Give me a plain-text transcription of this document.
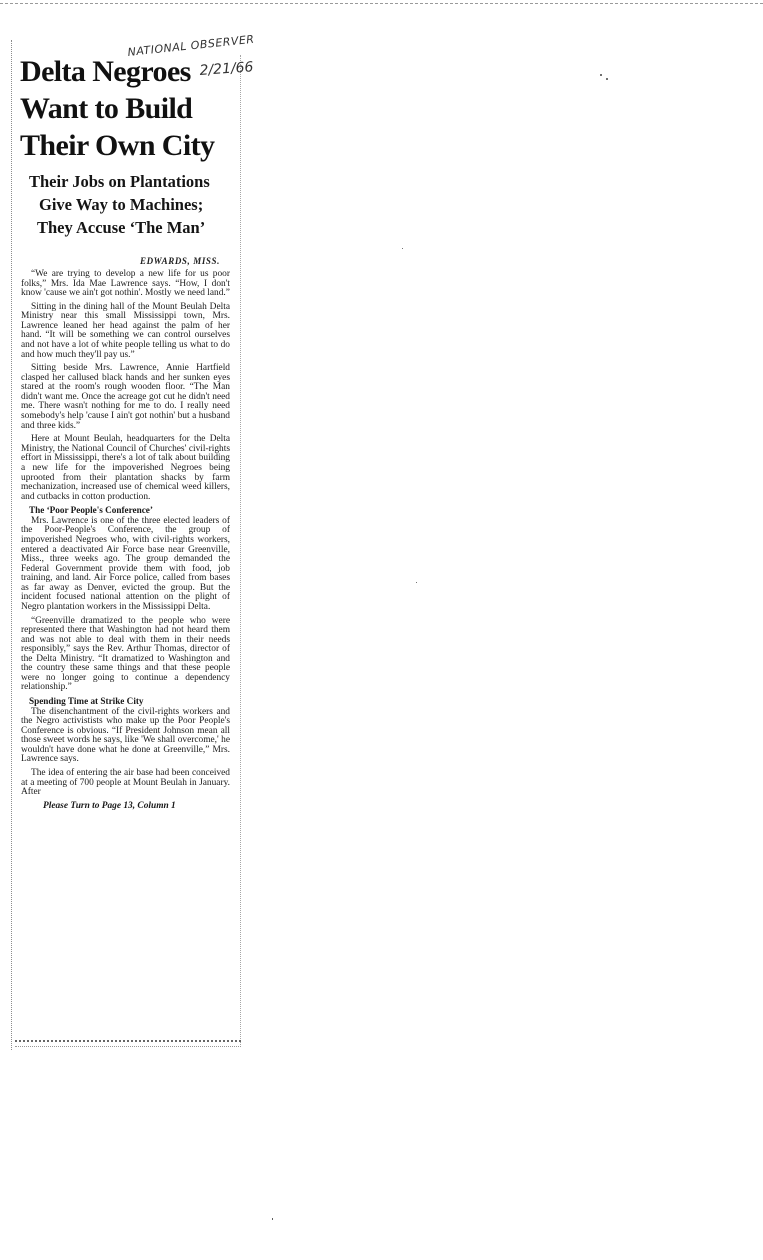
NATIONAL OBSERVER
2/21/66
Delta Negroes
Want to Build
Their Own City
Their Jobs on Plantations
Give Way to Machines;
They Accuse ‘The Man’
EDWARDS, MISS.

“We are trying to develop a new life for us poor folks,” Mrs. Ida Mae Lawrence says. “How, I don't know 'cause we ain't got nothin'. Mostly we need land.”

Sitting in the dining hall of the Mount Beulah Delta Ministry near this small Mississippi town, Mrs. Lawrence leaned her head against the palm of her hand. “It will be something we can control ourselves and not have a lot of white people telling us what to do and how much they'll pay us.”

Sitting beside Mrs. Lawrence, Annie Hartfield clasped her callused black hands and her sunken eyes stared at the room's rough wooden floor. “The Man didn't want me. Once the acreage got cut he didn't need me. There wasn't nothing for me to do. I really need somebody's help 'cause I ain't got nothin' but a husband and three kids.”

Here at Mount Beulah, headquarters for the Delta Ministry, the National Council of Churches' civil-rights effort in Mississippi, there's a lot of talk about building a new life for the impoverished Negroes being uprooted from their plantation shacks by farm mechanization, increased use of chemical weed killers, and cutbacks in cotton production.

The ‘Poor People's Conference’

Mrs. Lawrence is one of the three elected leaders of the Poor-People's Conference, the group of impoverished Negroes who, with civil-rights workers, entered a deactivated Air Force base near Greenville, Miss., three weeks ago. The group demanded the Federal Government provide them with food, job training, and land. Air Force police, called from bases as far away as Denver, evicted the group. But the incident focused national attention on the plight of Negro plantation workers in the Mississippi Delta.

“Greenville dramatized to the people who were represented there that Washington had not heard them and was not able to deal with them in their needs responsibly,” says the Rev. Arthur Thomas, director of the Delta Ministry. “It dramatized to Washington and the country these same things and that these people were no longer going to continue a dependency relationship.”

Spending Time at Strike City

The disenchantment of the civil-rights workers and the Negro activistists who make up the Poor People's Conference is obvious. “If President Johnson mean all those sweet words he says, like 'We shall overcome,' he wouldn't have done what he done at Greenville,” Mrs. Lawrence says.

The idea of entering the air base had been conceived at a meeting of 700 people at Mount Beulah in January. After

Please Turn to Page 13, Column 1
